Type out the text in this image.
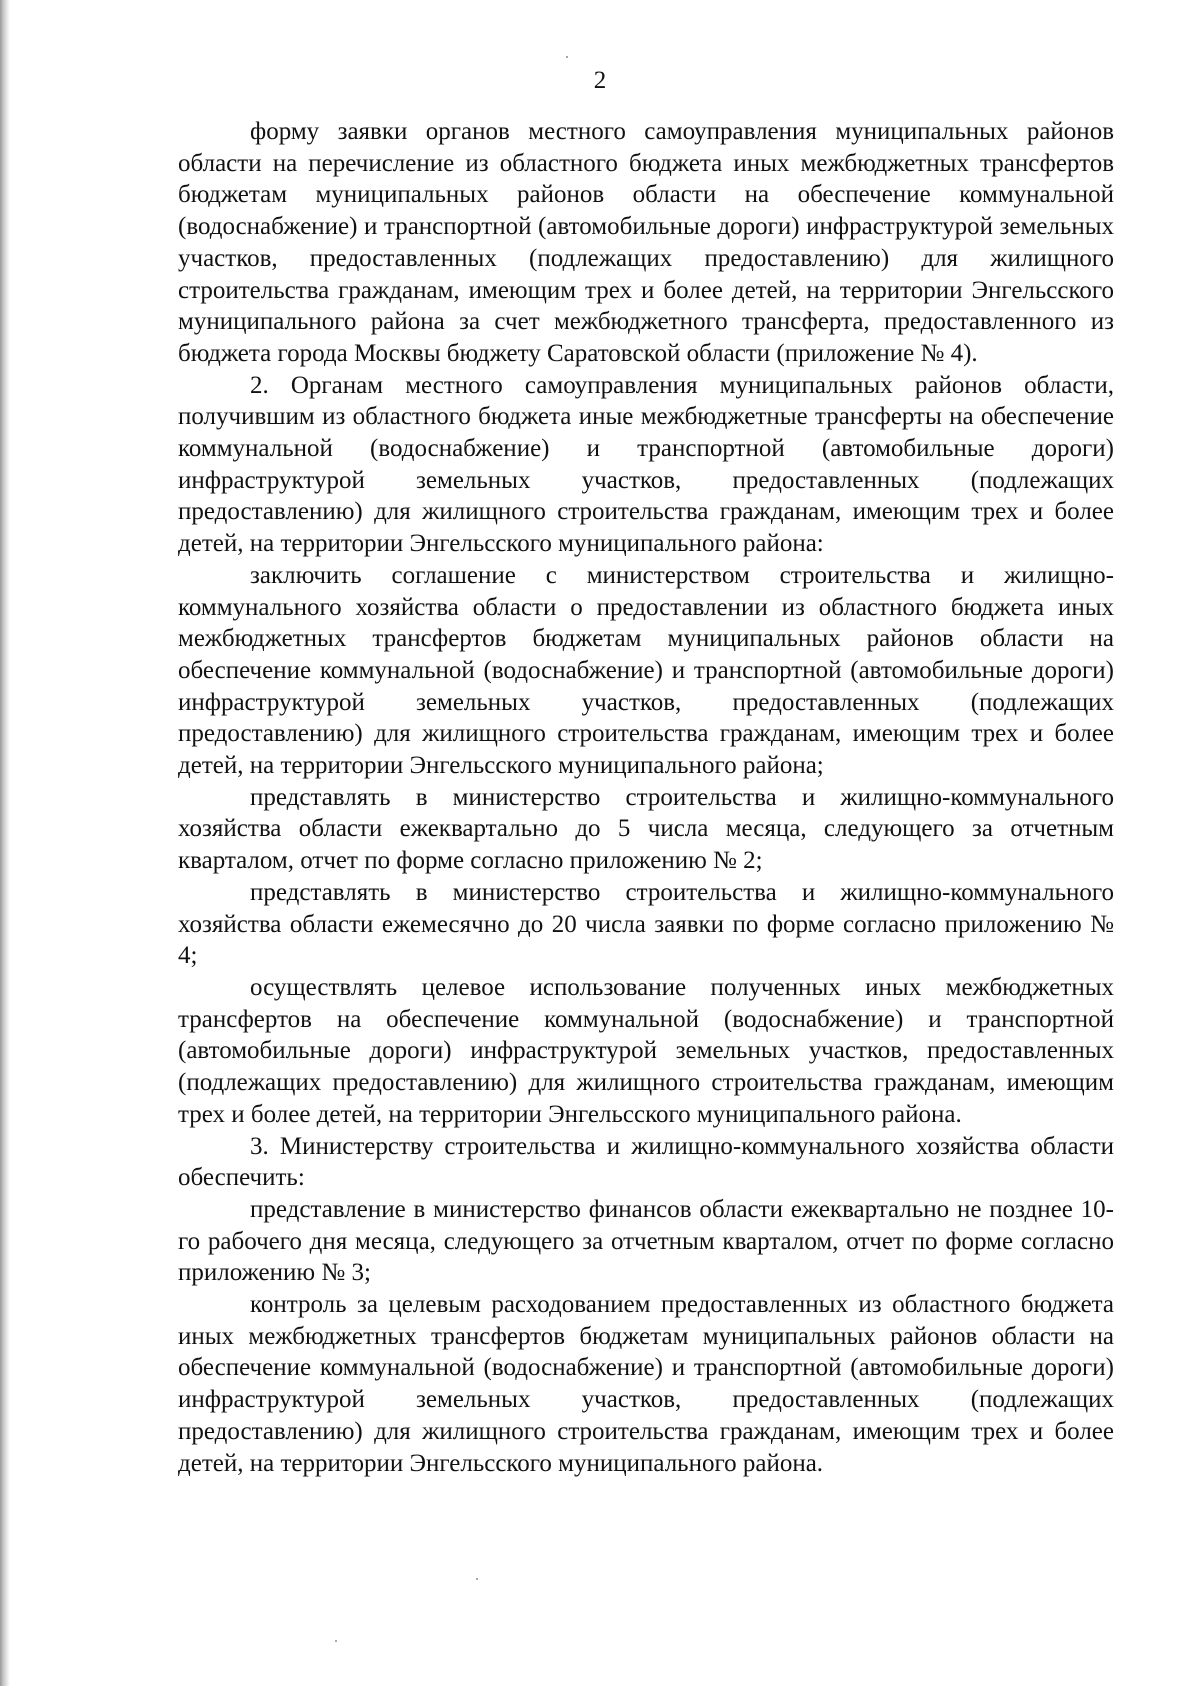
2

форму заявки органов местного самоуправления муниципальных районов области на перечисление из областного бюджета иных межбюджетных трансфертов бюджетам муниципальных районов области на обеспечение коммунальной (водоснабжение) и транспортной (автомобильные дороги) инфраструктурой земельных участков, предоставленных (подлежащих предоставлению) для жилищного строительства гражданам, имеющим трех и более детей, на территории Энгельсского муниципального района за счет межбюджетного трансферта, предоставленного из бюджета города Москвы бюджету Саратовской области (приложение № 4).

2. Органам местного самоуправления муниципальных районов области, получившим из областного бюджета иные межбюджетные трансферты на обеспечение коммунальной (водоснабжение) и транспортной (автомобильные дороги) инфраструктурой земельных участков, предоставленных (подлежащих предоставлению) для жилищного строительства гражданам, имеющим трех и более детей, на территории Энгельсского муниципального района:

заключить соглашение с министерством строительства и жилищно-коммунального хозяйства области о предоставлении из областного бюджета иных межбюджетных трансфертов бюджетам муниципальных районов области на обеспечение коммунальной (водоснабжение) и транспортной (автомобильные дороги) инфраструктурой земельных участков, предоставленных (подлежащих предоставлению) для жилищного строительства гражданам, имеющим трех и более детей, на территории Энгельсского муниципального района;

представлять в министерство строительства и жилищно-коммунального хозяйства области ежеквартально до 5 числа месяца, следующего за отчетным кварталом, отчет по форме согласно приложению № 2;

представлять в министерство строительства и жилищно-коммунального хозяйства области ежемесячно до 20 числа заявки по форме согласно приложению № 4;

осуществлять целевое использование полученных иных межбюджетных трансфертов на обеспечение коммунальной (водоснабжение) и транспортной (автомобильные дороги) инфраструктурой земельных участков, предоставленных (подлежащих предоставлению) для жилищного строительства гражданам, имеющим трех и более детей, на территории Энгельсского муниципального района.

3. Министерству строительства и жилищно-коммунального хозяйства области обеспечить:

представление в министерство финансов области ежеквартально не позднее 10-го рабочего дня месяца, следующего за отчетным кварталом, отчет по форме согласно приложению № 3;

контроль за целевым расходованием предоставленных из областного бюджета иных межбюджетных трансфертов бюджетам муниципальных районов области на обеспечение коммунальной (водоснабжение) и транспортной (автомобильные дороги) инфраструктурой земельных участков, предоставленных (подлежащих предоставлению) для жилищного строительства гражданам, имеющим трех и более детей, на территории Энгельсского муниципального района.
